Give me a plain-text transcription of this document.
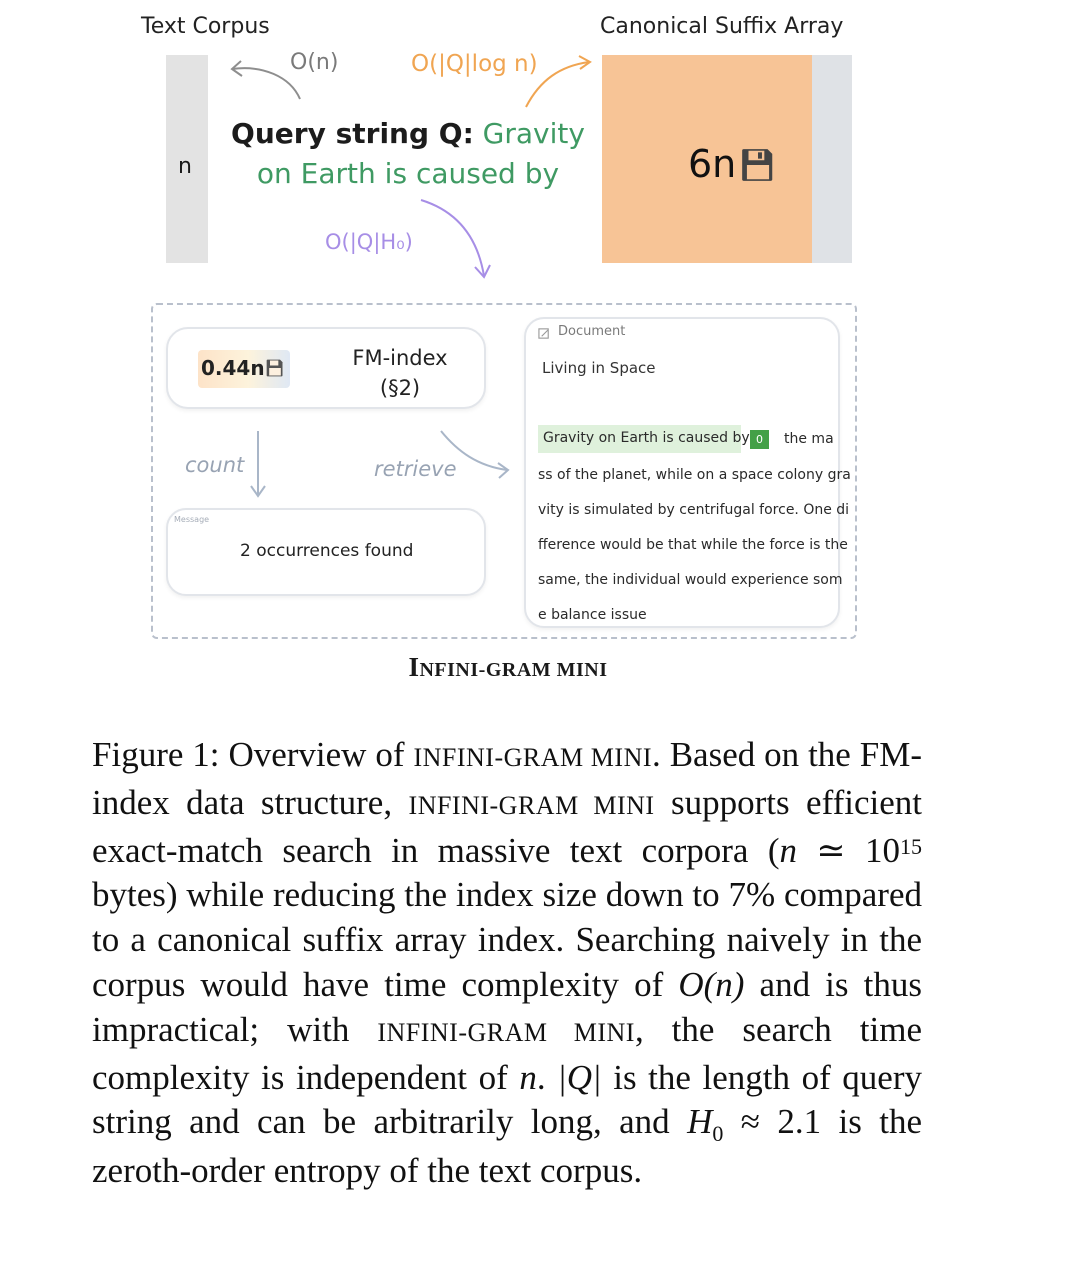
Text Corpus	Canonical Suffix Array
n	6n
O(n)	O(|Q|log n)
O(|Q|H₀)
Query string Q: Gravity on Earth is caused by
0.44n	FM-index
(§2)
count	retrieve
Message
2 occurrences found
Document
Living in Space
Gravity on Earth is caused by 0	the ma
ss of the planet, while on a space colony gra
vity is simulated by centrifugal force. One di
fference would be that while the force is the
same, the individual would experience som
e balance issue
INFINI-GRAM MINI

Figure 1: Overview of INFINI-GRAM MINI. Based on the FM-index data structure, INFINI-GRAM MINI supports efficient exact-match search in massive text corpora (n ≃ $10^{15}$ bytes) while reducing the index size down to 7% compared to a canonical suffix array index. Searching naively in the corpus would have time complexity of O(n) and is thus impractical; with INFINI-GRAM MINI, the search time complexity is independent of n. |Q| is the length of query string and can be arbitrarily long, and $H_0 \approx 2.1$ is the zeroth-order entropy of the text corpus.
